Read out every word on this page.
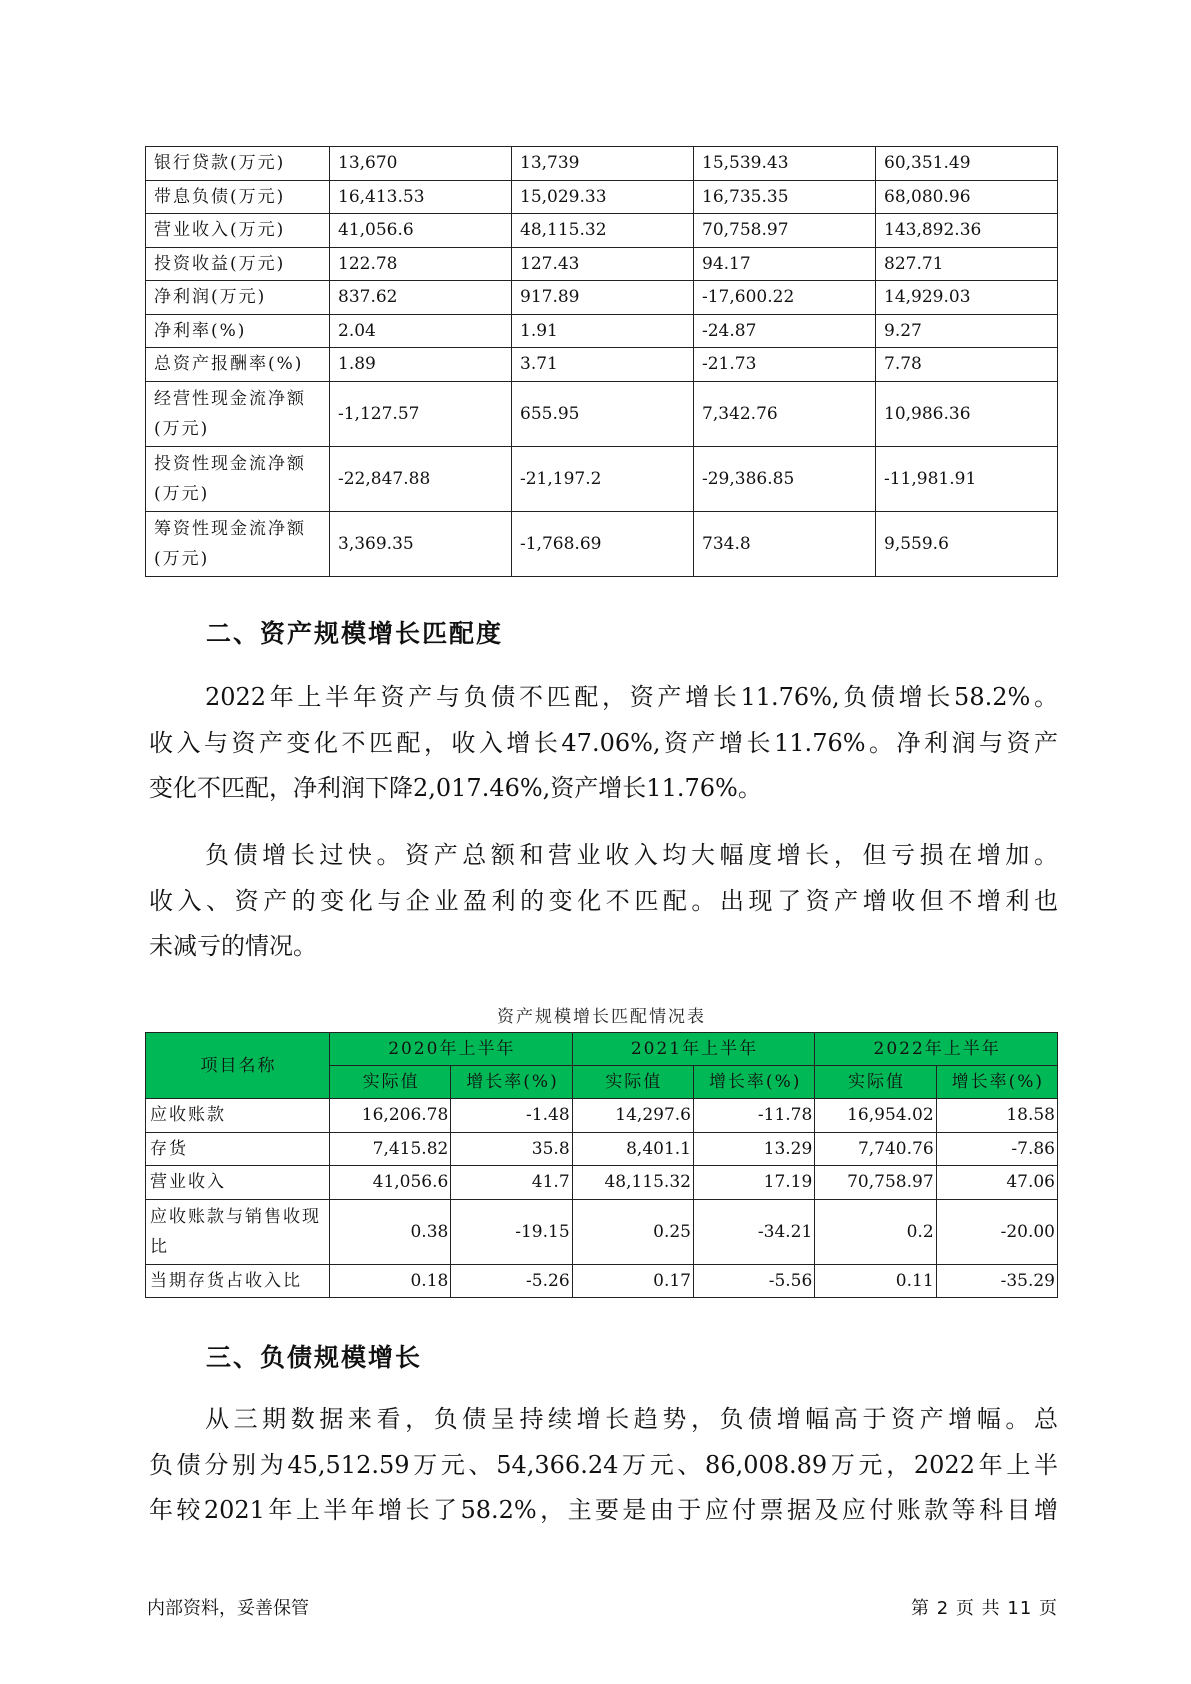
银行贷款(万元)	13,670	13,739	15,539.43	60,351.49
带息负债(万元)	16,413.53	15,029.33	16,735.35	68,080.96
营业收入(万元)	41,056.6	48,115.32	70,758.97	143,892.36
投资收益(万元)	122.78	127.43	94.17	827.71
净利润(万元)	837.62	917.89	-17,600.22	14,929.03
净利率(%)	2.04	1.91	-24.87	9.27
总资产报酬率(%)	1.89	3.71	-21.73	7.78
经营性现金流净额(万元)	-1,127.57	655.95	7,342.76	10,986.36
投资性现金流净额(万元)	-22,847.88	-21,197.2	-29,386.85	-11,981.91
筹资性现金流净额(万元)	3,369.35	-1,768.69	734.8	9,559.6
二、资产规模增长匹配度
2022年上半年资产与负债不匹配，资产增长11.76%,负债增长58.2%。
收入与资产变化不匹配，收入增长47.06%,资产增长11.76%。净利润与资产
变化不匹配，净利润下降2,017.46%,资产增长11.76%。
负债增长过快。资产总额和营业收入均大幅度增长，但亏损在增加。
收入、资产的变化与企业盈利的变化不匹配。出现了资产增收但不增利也
未减亏的情况。
资产规模增长匹配情况表
项目名称	2020年上半年		2021年上半年		2022年上半年	
	实际值	增长率(%)	实际值	增长率(%)	实际值	增长率(%)
应收账款	16,206.78	-1.48	14,297.6	-11.78	16,954.02	18.58
存货	7,415.82	35.8	8,401.1	13.29	7,740.76	-7.86
营业收入	41,056.6	41.7	48,115.32	17.19	70,758.97	47.06
应收账款与销售收现比	0.38	-19.15	0.25	-34.21	0.2	-20.00
当期存货占收入比	0.18	-5.26	0.17	-5.56	0.11	-35.29
三、负债规模增长
从三期数据来看，负债呈持续增长趋势，负债增幅高于资产增幅。总
负债分别为45,512.59万元、54,366.24万元、86,008.89万元，2022年上半
年较2021年上半年增长了58.2%，主要是由于应付票据及应付账款等科目增
内部资料，妥善保管	第 2 页 共 11 页
